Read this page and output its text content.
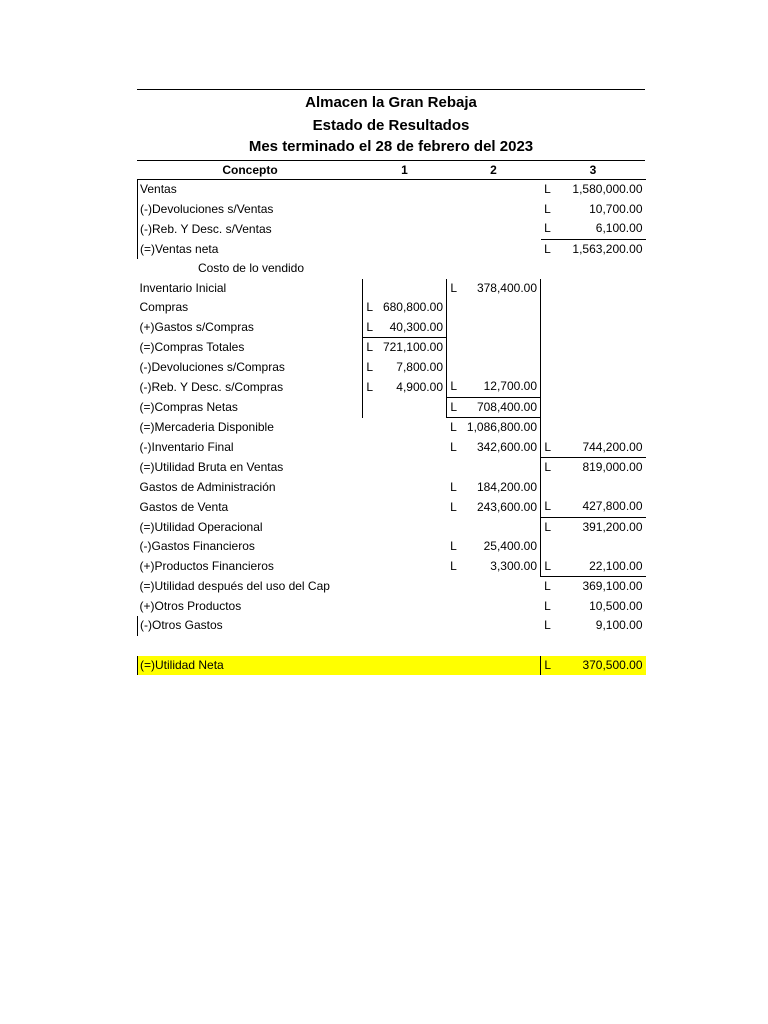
Almacen la Gran Rebaja
Estado de Resultados
Mes terminado el 28 de febrero del 2023
Concepto	1		2		3	
Ventas					L	1,580,000.00
(-)Devoluciones s/Ventas					L	10,700.00
(-)Reb. Y Desc. s/Ventas					L	6,100.00
(=)Ventas neta					L	1,563,200.00
Costo de lo vendido						
Inventario Inicial			L	378,400.00		
Compras	L	680,800.00				
(+)Gastos s/Compras	L	40,300.00				
(=)Compras Totales	L	721,100.00				
(-)Devoluciones s/Compras	L	7,800.00				
(-)Reb. Y Desc. s/Compras	L	4,900.00	L	12,700.00		
(=)Compras Netas			L	708,400.00		
(=)Mercaderia Disponible			L	1,086,800.00		
(-)Inventario Final			L	342,600.00	L	744,200.00
(=)Utilidad Bruta en Ventas					L	819,000.00
Gastos de Administración			L	184,200.00		
Gastos de Venta			L	243,600.00	L	427,800.00
(=)Utilidad Operacional					L	391,200.00
(-)Gastos Financieros			L	25,400.00		
(+)Productos Financieros			L	3,300.00	L	22,100.00
(=)Utilidad después del uso del Cap					L	369,100.00
(+)Otros Productos					L	10,500.00
(-)Otros Gastos					L	9,100.00

(=)Utilidad Neta					L	370,500.00
